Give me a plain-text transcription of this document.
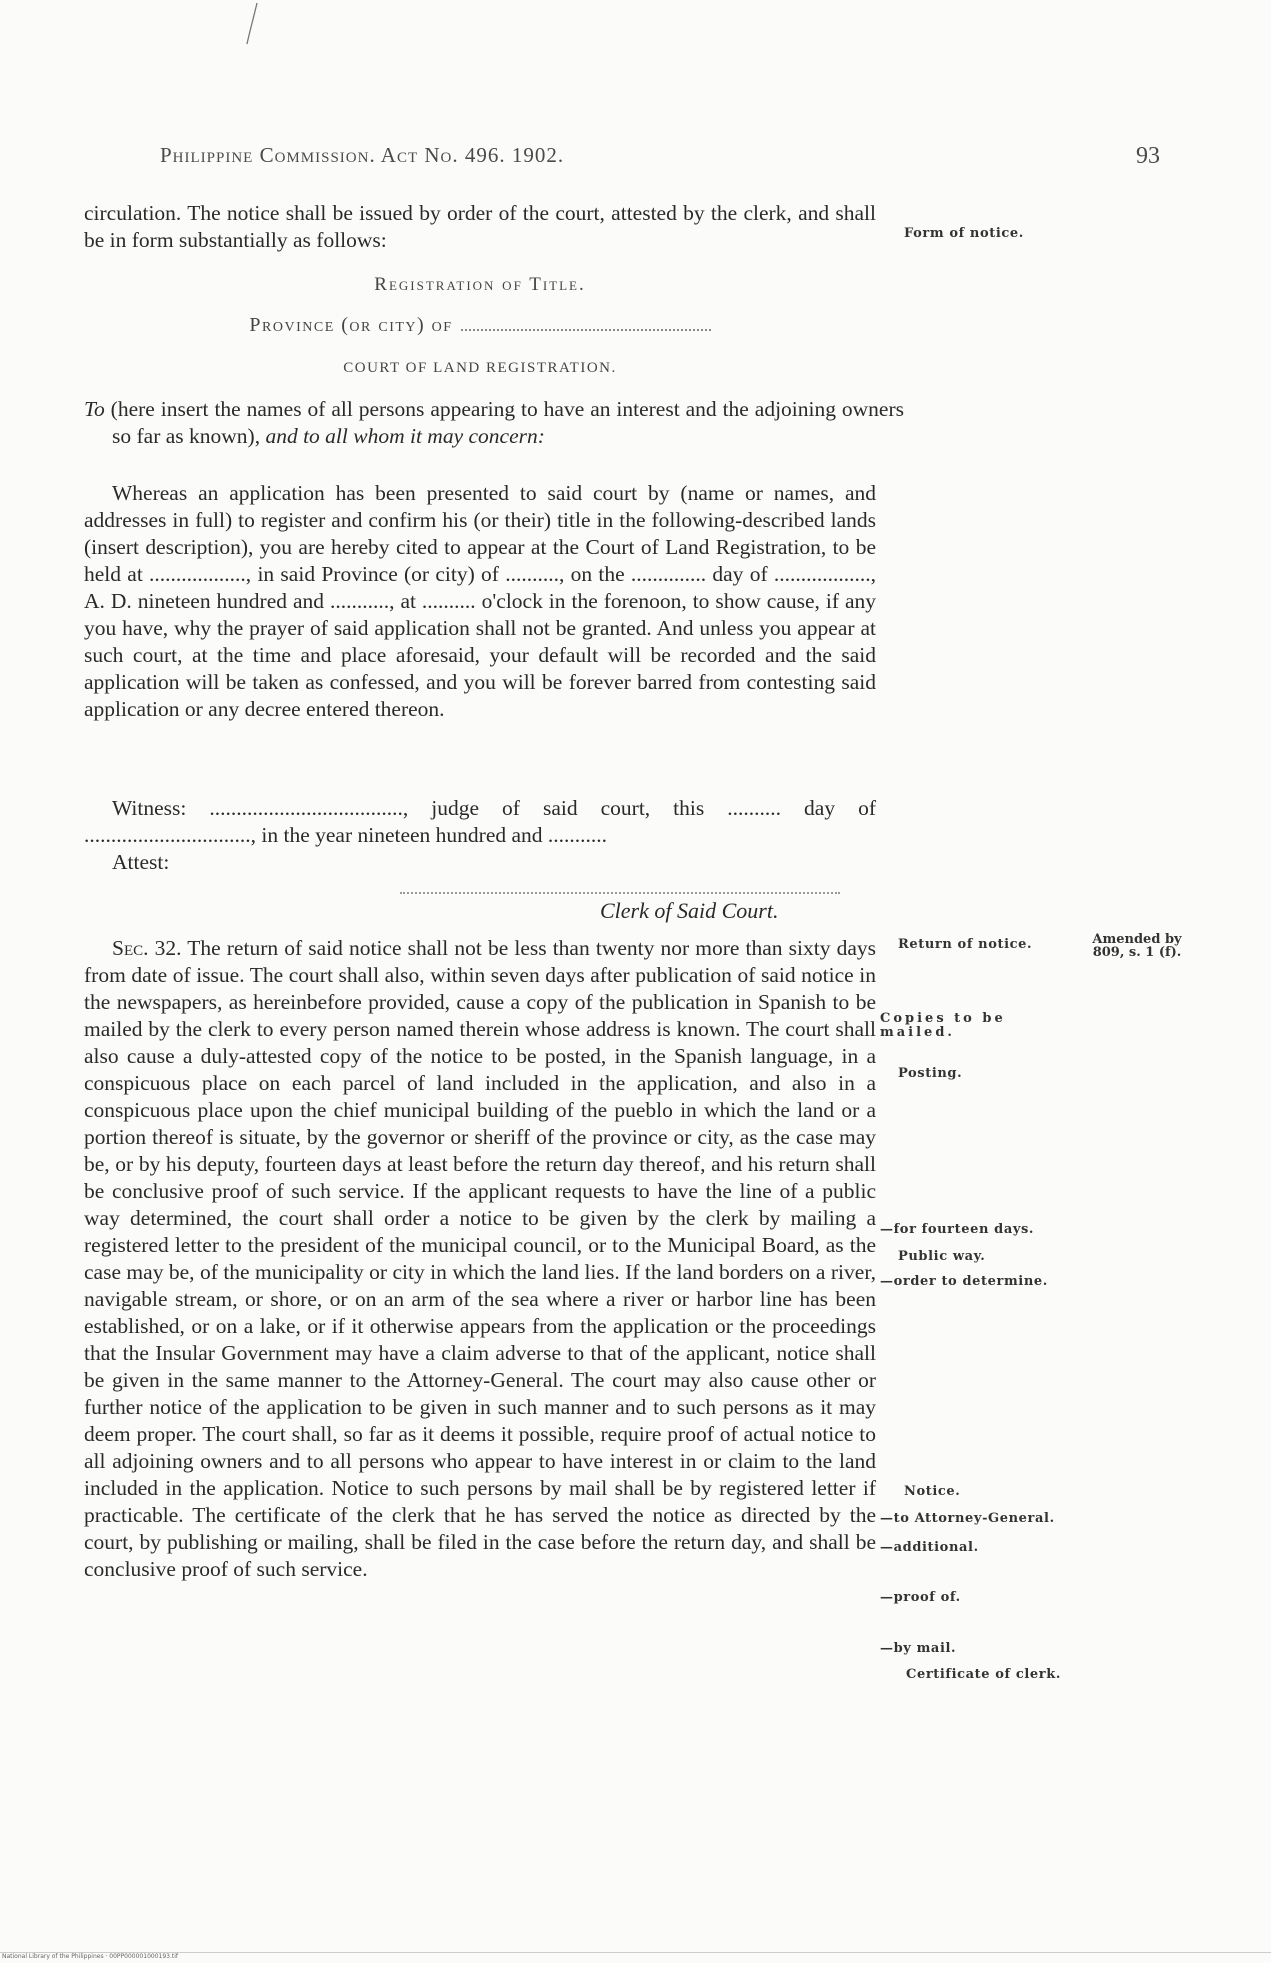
Philippine Commission. Act No. 496. 1902.	93
circulation. The notice shall be issued by order of the court, attested by the clerk, and shall be in form substantially as follows:	Form of notice.
Registration of Title.
Province (or city) of
COURT OF LAND REGISTRATION.
To (here insert the names of all persons appearing to have an interest and the adjoining owners so far as known), and to all whom it may concern:
Whereas an application has been presented to said court by (name or names, and addresses in full) to register and confirm his (or their) title in the following-described lands (insert description), you are hereby cited to appear at the Court of Land Registration, to be held at .................., in said Province (or city) of .........., on the .............. day of .................., A. D. nineteen hundred and ..........., at .......... o'clock in the forenoon, to show cause, if any you have, why the prayer of said application shall not be granted. And unless you appear at such court, at the time and place aforesaid, your default will be recorded and the said application will be taken as confessed, and you will be forever barred from contesting said application or any decree entered thereon.
Witness: ...................................., judge of said court, this .......... day of ..............................., in the year nineteen hundred and ...........
Attest:
Clerk of Said Court.
Sec. 32. The return of said notice shall not be less than twenty nor more than sixty days from date of issue. The court shall also, within seven days after publication of said notice in the newspapers, as hereinbefore provided, cause a copy of the publication in Spanish to be mailed by the clerk to every person named therein whose address is known. The court shall also cause a duly-attested copy of the notice to be posted, in the Spanish language, in a conspicuous place on each parcel of land included in the application, and also in a conspicuous place upon the chief municipal building of the pueblo in which the land or a portion thereof is situate, by the governor or sheriff of the province or city, as the case may be, or by his deputy, fourteen days at least before the return day thereof, and his return shall be conclusive proof of such service. If the applicant requests to have the line of a public way determined, the court shall order a notice to be given by the clerk by mailing a registered letter to the president of the municipal council, or to the Municipal Board, as the case may be, of the municipality or city in which the land lies. If the land borders on a river, navigable stream, or shore, or on an arm of the sea where a river or harbor line has been established, or on a lake, or if it otherwise appears from the application or the proceedings that the Insular Government may have a claim adverse to that of the applicant, notice shall be given in the same manner to the Attorney-General. The court may also cause other or further notice of the application to be given in such manner and to such persons as it may deem proper. The court shall, so far as it deems it possible, require proof of actual notice to all adjoining owners and to all persons who appear to have interest in or claim to the land included in the application. Notice to such persons by mail shall be by registered letter if practicable. The certificate of the clerk that he has served the notice as directed by the court, by publishing or mailing, shall be filed in the case before the return day, and shall be conclusive proof of such service.
Return of notice.	Amended by 809, s. 1 (f).
Copies to be mailed.
Posting.
—for fourteen days.
Public way.
—order to determine.
Notice.
—to Attorney-General.
—additional.
—proof of.
—by mail.
Certificate of clerk.
National Library of the Philippines · 00PP000001000193.tif
